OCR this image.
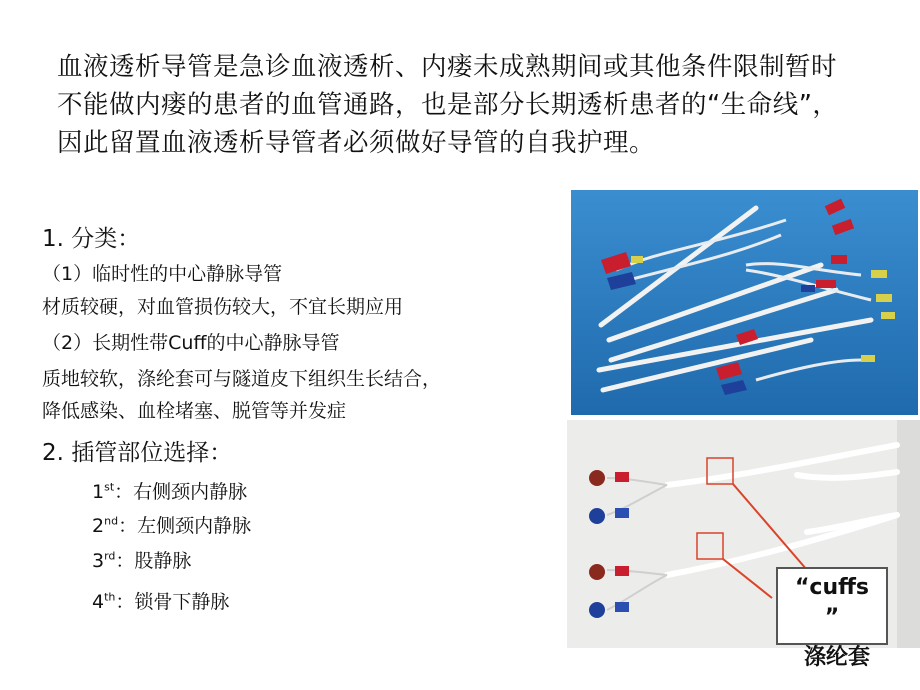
血液透析导管是急诊血液透析、内瘘未成熟期间或其他条件限制暂时不能做内瘘的患者的血管通路，也是部分长期透析患者的“生命线”，因此留置血液透析导管者必须做好导管的自我护理。
1. 分类：
（1）临时性的中心静脉导管
材质较硬，对血管损伤较大，不宜长期应用
（2）长期性带Cuff的中心静脉导管
质地较软，涤纶套可与隧道皮下组织生长结合，
降低感染、血栓堵塞、脱管等并发症
2. 插管部位选择：
1st：右侧颈内静脉
2nd：左侧颈内静脉
3rd：股静脉
4th：锁骨下静脉
“cuffs
”
涤纶套
